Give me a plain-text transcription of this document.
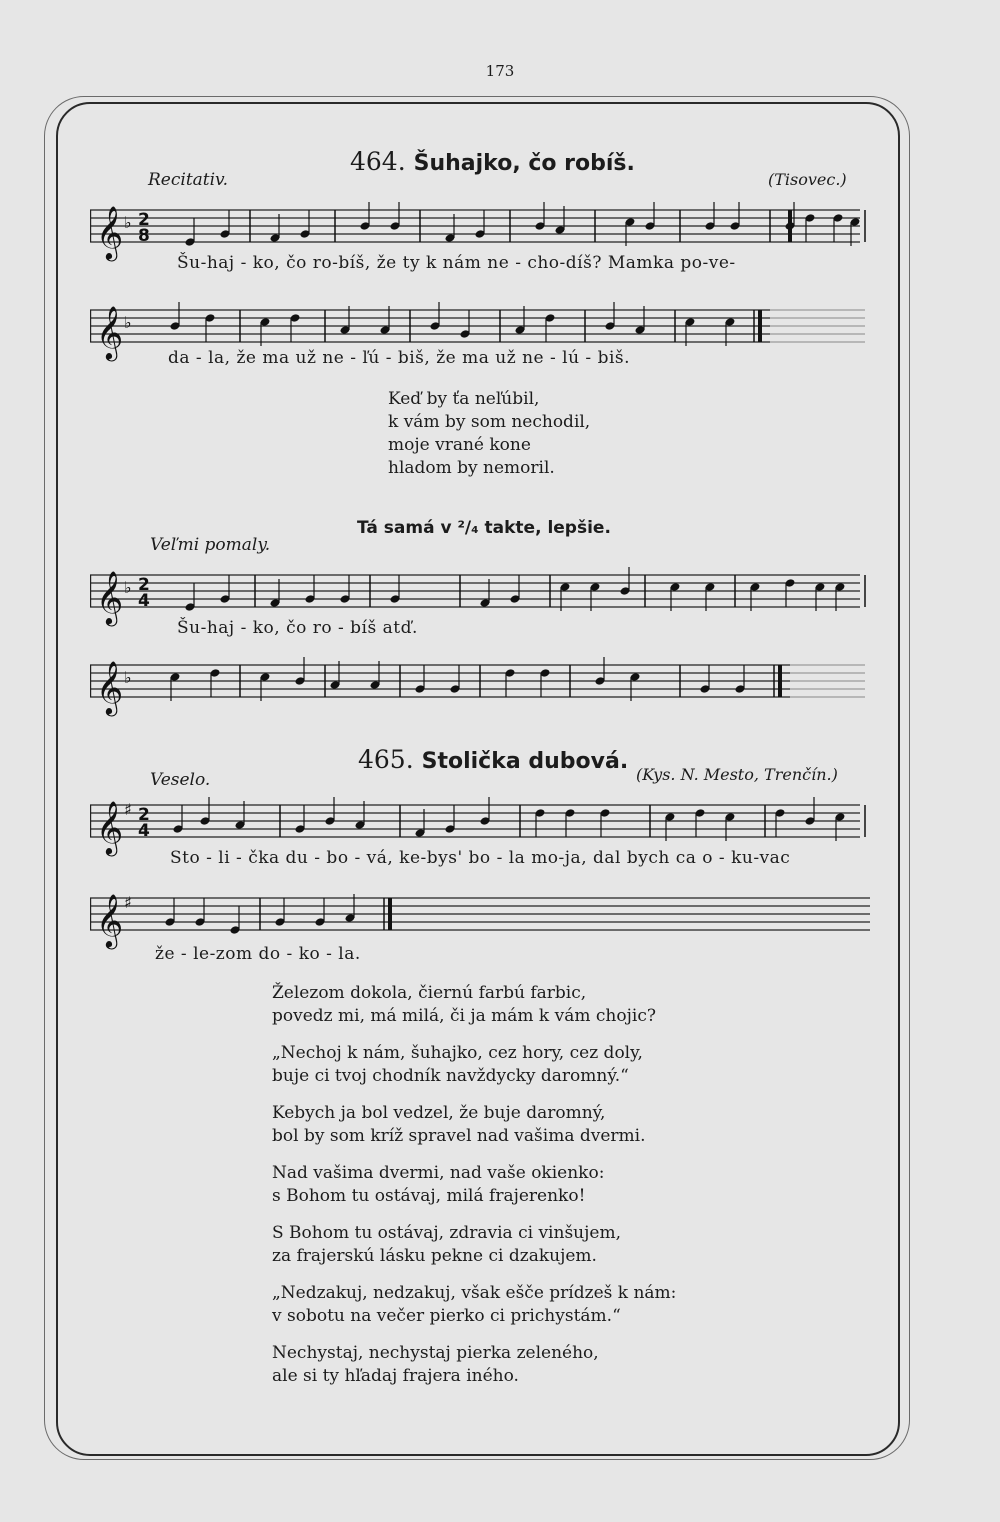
173
464. Šuhajko, čo robíš.
Recitativ.	(Tisovec.)
𝄞 ♭ 2
8
Šu-haj - ko, čo ro-bíš, že ty k nám ne - cho-díš? Mamka po-ve-
𝄞 ♭
da - la, že ma už ne - ľú - biš, že ma už ne - lú - biš.
Keď by ťa neľúbil,
k vám by som nechodil,
moje vrané kone
hladom by nemoril.
Tá samá v ²/₄ takte, lepšie.
Veľmi pomaly.
𝄞 ♭ 2
4
Šu-haj - ko, čo ro - bíš atď.
𝄞 ♭
465. Stolička dubová.
Veselo.	(Kys. N. Mesto, Trenčín.)
𝄞 ♯ 2
4
Sto - li - čka du - bo - vá, ke-bys' bo - la mo-ja, dal bych ca o - ku-vac
𝄞 ♯
že - le-zom do - ko - la.
Železom dokola, čiernú farbú farbic,
povedz mi, má milá, či ja mám k vám chojic?
„Nechoj k nám, šuhajko, cez hory, cez doly,
buje ci tvoj chodník navždycky daromný.“
Kebych ja bol vedzel, že buje daromný,
bol by som kríž spravel nad vašima dvermi.
Nad vašima dvermi, nad vaše okienko:
s Bohom tu ostávaj, milá frajerenko!
S Bohom tu ostávaj, zdravia ci vinšujem,
za frajerskú lásku pekne ci dzakujem.
„Nedzakuj, nedzakuj, však ešče prídzeš k nám:
v sobotu na večer pierko ci prichystám.“
Nechystaj, nechystaj pierka zeleného,
ale si ty hľadaj frajera iného.
